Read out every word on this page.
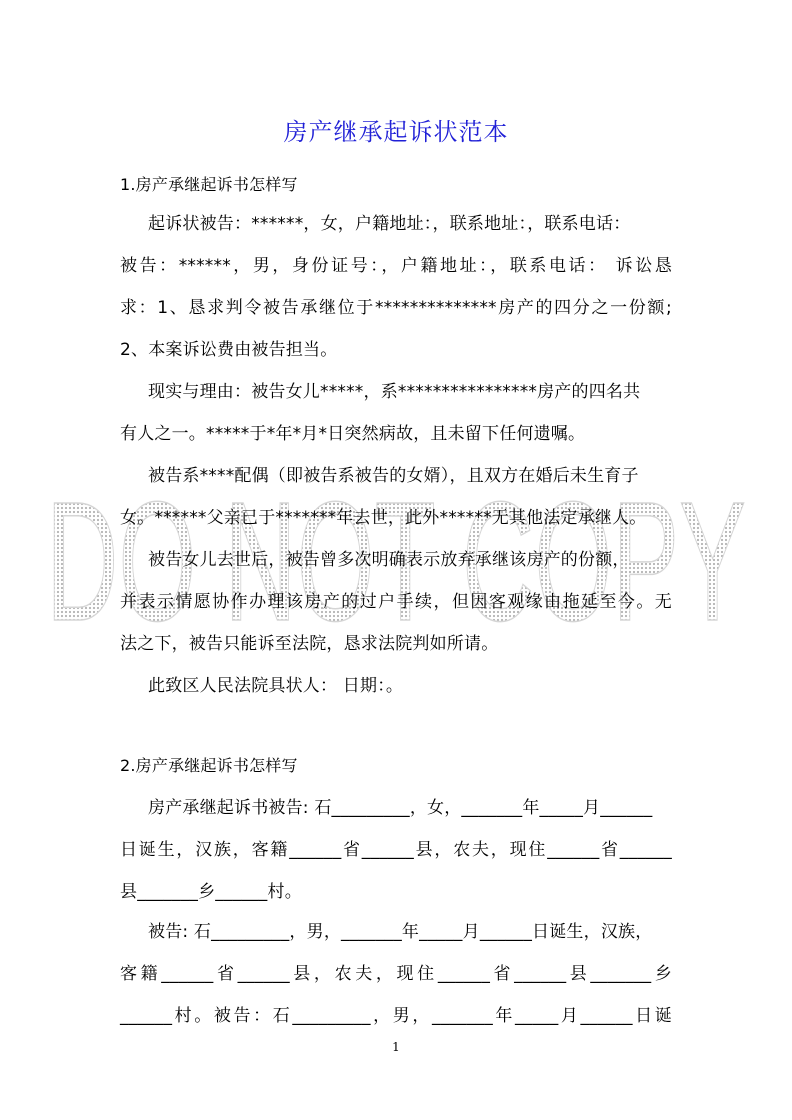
DO NOT COPY
房产继承起诉状范本
1.房产承继起诉书怎样写
起诉状被告：******，女，户籍地址：，联系地址：，联系电话：
被告：******，男，身份证号：，户籍地址：，联系电话： 诉讼恳
求：1、恳求判令被告承继位于**************房产的四分之一份额;
2、本案诉讼费由被告担当。
现实与理由：被告女儿*****，系****************房产的四名共
有人之一。*****于*年*月*日突然病故，且未留下任何遗嘱。
被告系****配偶（即被告系被告的女婿），且双方在婚后未生育子
女。******父亲已于*******年去世，此外******无其他法定承继人。
被告女儿去世后，被告曾多次明确表示放弃承继该房产的份额，
并表示情愿协作办理该房产的过户手续，但因客观缘由拖延至今。无
法之下，被告只能诉至法院，恳求法院判如所请。
此致区人民法院具状人： 日期：。
2.房产承继起诉书怎样写
房产承继起诉书被告: 石_________，女，_______年_____月______
日诞生，汉族，客籍______省______县，农夫，现住______省______
县_______乡______村。
被告: 石_________，男，_______年_____月______日诞生，汉族，
客籍______省______县，农夫，现住______省______县_______乡
______村。被告：石_________，男，_______年_____月______日诞
1
